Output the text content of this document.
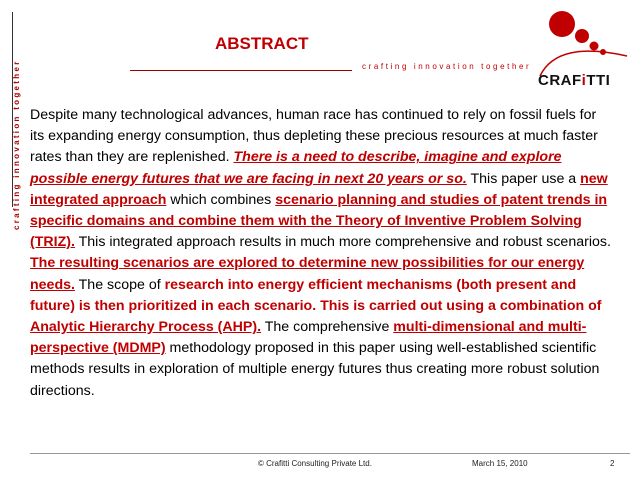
crafting innovation together
ABSTRACT
crafting innovation together
CRAFiTTI
Despite many technological advances, human race has continued to rely on fossil fuels for its expanding energy consumption, thus depleting these precious resources at much faster rates than they are replenished. There is a need to describe, imagine and explore possible energy futures that we are facing in next 20 years or so. This paper use a new integrated approach which combines scenario planning and studies of patent trends in specific domains and combine them with the Theory of Inventive Problem Solving (TRIZ). This integrated approach results in much more comprehensive and robust scenarios. The resulting scenarios are explored to determine new possibilities for our energy needs. The scope of research into energy efficient mechanisms (both present and future) is then prioritized in each scenario. This is carried out using a combination of Analytic Hierarchy Process (AHP). The comprehensive multi-dimensional and multi-perspective (MDMP) methodology proposed in this paper using well-established scientific methods results in exploration of multiple energy futures thus creating more robust solution directions.
© Crafitti Consulting Private Ltd.	March 15, 2010	2
